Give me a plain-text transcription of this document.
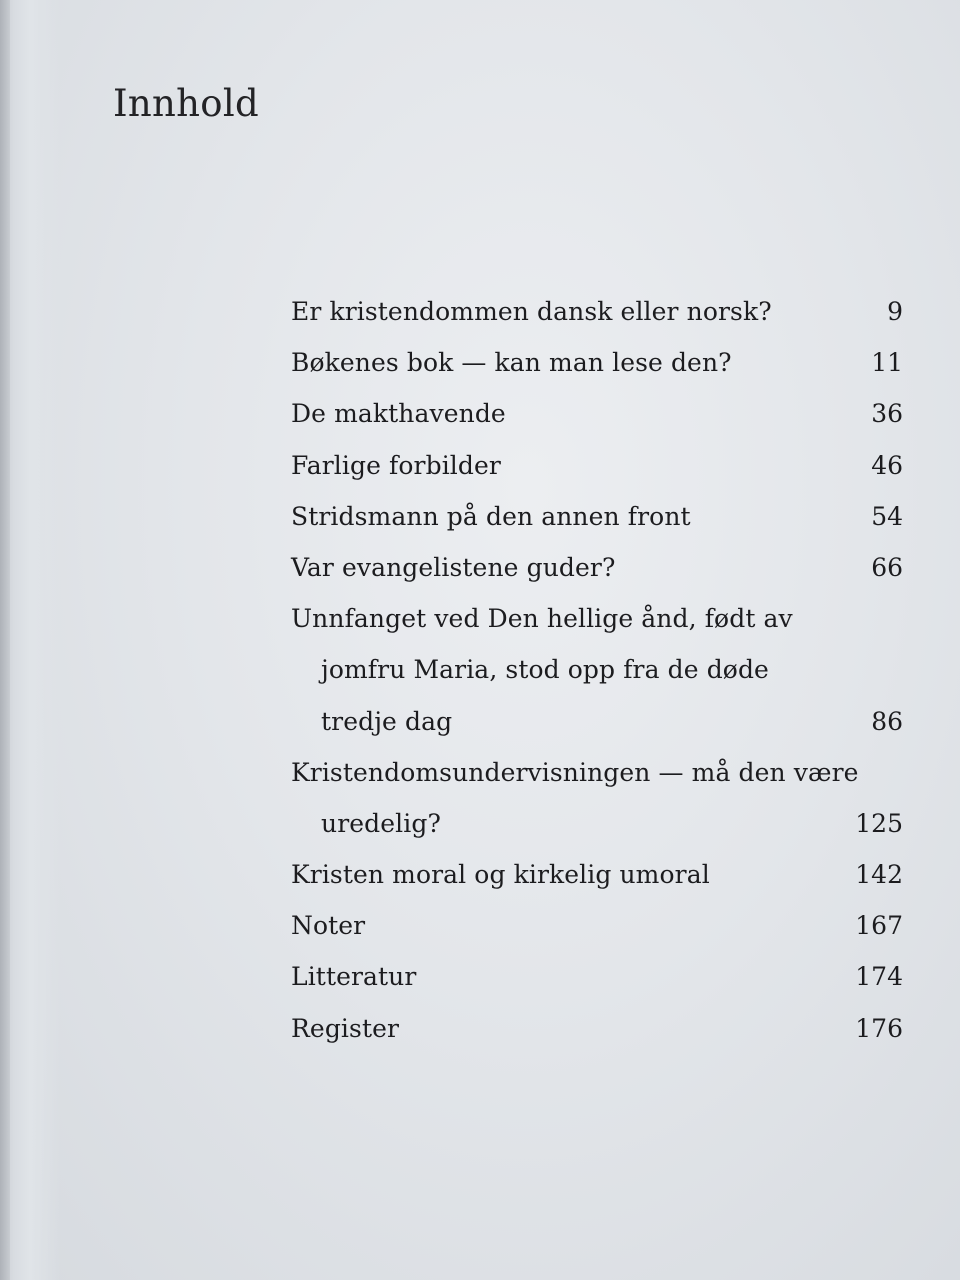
Innhold
Er kristendommen dansk eller norsk?	9
Bøkenes bok — kan man lese den?	11
De makthavende	36
Farlige forbilder	46
Stridsmann på den annen front	54
Var evangelistene guder?	66
Unnfanget ved Den hellige ånd, født av
jomfru Maria, stod opp fra de døde
tredje dag	86
Kristendomsundervisningen — må den være
uredelig?	125
Kristen moral og kirkelig umoral	142
Noter	167
Litteratur	174
Register	176
